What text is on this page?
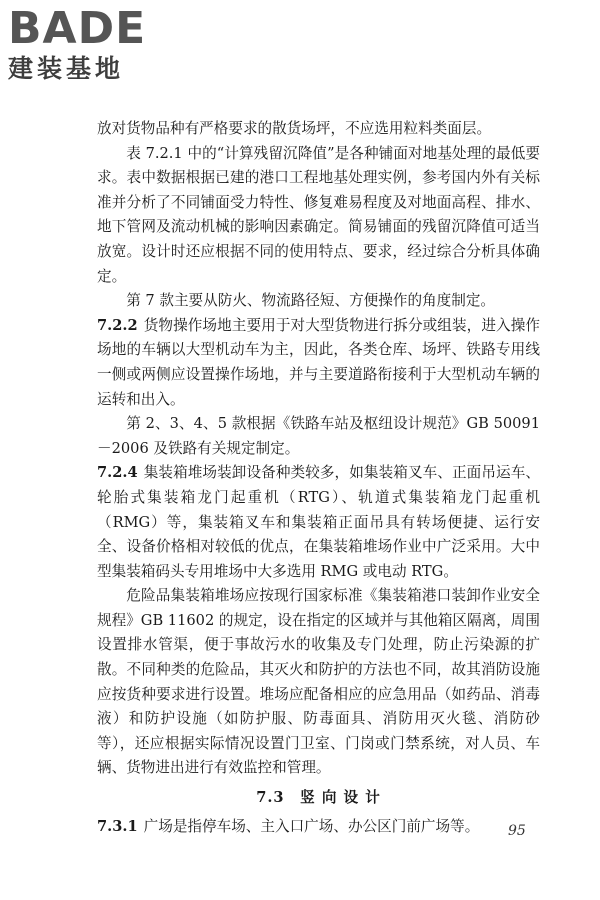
BADE
建装基地

放对货物品种有严格要求的散货场坪，不应选用粒料类面层。

表 7.2.1 中的“计算残留沉降值”是各种铺面对地基处理的最低要求。表中数据根据已建的港口工程地基处理实例，参考国内外有关标准并分析了不同铺面受力特性、修复难易程度及对地面高程、排水、地下管网及流动机械的影响因素确定。简易铺面的残留沉降值可适当放宽。设计时还应根据不同的使用特点、要求，经过综合分析具体确定。

第 7 款主要从防火、物流路径短、方便操作的角度制定。

7.2.2 货物操作场地主要用于对大型货物进行拆分或组装，进入操作场地的车辆以大型机动车为主，因此，各类仓库、场坪、铁路专用线一侧或两侧应设置操作场地，并与主要道路衔接利于大型机动车辆的运转和出入。

第 2、3、4、5 款根据《铁路车站及枢纽设计规范》GB 50091－2006 及铁路有关规定制定。

7.2.4 集装箱堆场装卸设备种类较多，如集装箱叉车、正面吊运车、轮胎式集装箱龙门起重机（RTG）、轨道式集装箱龙门起重机（RMG）等，集装箱叉车和集装箱正面吊具有转场便捷、运行安全、设备价格相对较低的优点，在集装箱堆场作业中广泛采用。大中型集装箱码头专用堆场中大多选用 RMG 或电动 RTG。

危险品集装箱堆场应按现行国家标准《集装箱港口装卸作业安全规程》GB 11602 的规定，设在指定的区域并与其他箱区隔离，周围设置排水管渠，便于事故污水的收集及专门处理，防止污染源的扩散。不同种类的危险品，其灭火和防护的方法也不同，故其消防设施应按货种要求进行设置。堆场应配备相应的应急用品（如药品、消毒液）和防护设施（如防护服、防毒面具、消防用灭火毯、消防砂等），还应根据实际情况设置门卫室、门岗或门禁系统，对人员、车辆、货物进出进行有效监控和管理。

7.3　竖 向 设 计

7.3.1 广场是指停车场、主入口广场、办公区门前广场等。	95
